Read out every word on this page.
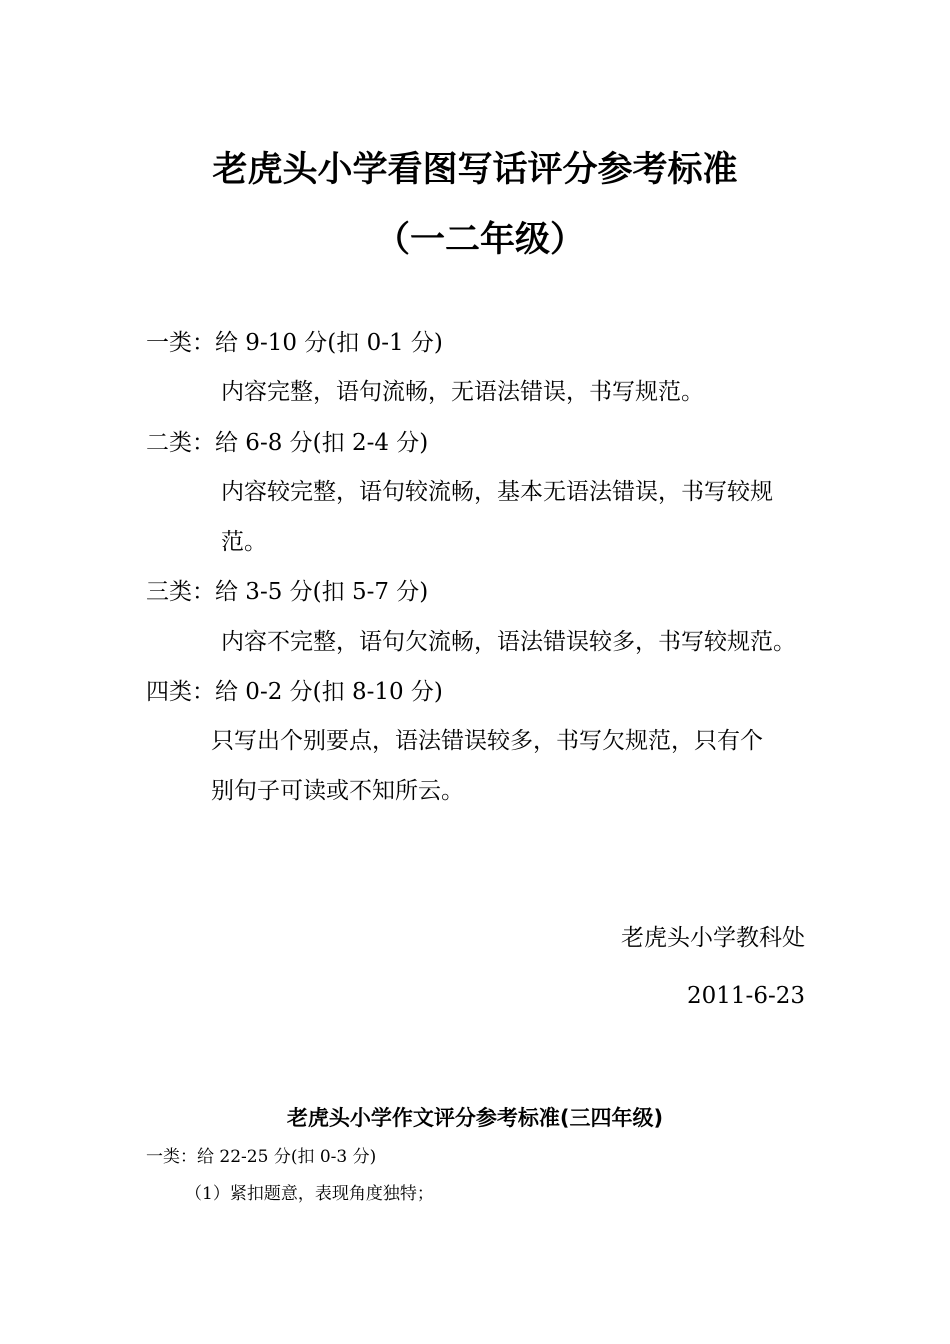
老虎头小学看图写话评分参考标准
（一二年级）
一类：给 9-10 分(扣 0-1 分)
内容完整，语句流畅，无语法错误，书写规范。
二类：给 6-8 分(扣 2-4 分)
内容较完整，语句较流畅，基本无语法错误，书写较规
范。
三类：给 3-5 分(扣 5-7 分)
内容不完整，语句欠流畅，语法错误较多，书写较规范。
四类：给 0-2 分(扣 8-10 分)
只写出个别要点，语法错误较多，书写欠规范，只有个
别句子可读或不知所云。
老虎头小学教科处
2011-6-23
老虎头小学作文评分参考标准(三四年级)
一类：给 22-25 分(扣 0-3 分)
（1）紧扣题意，表现角度独特；
